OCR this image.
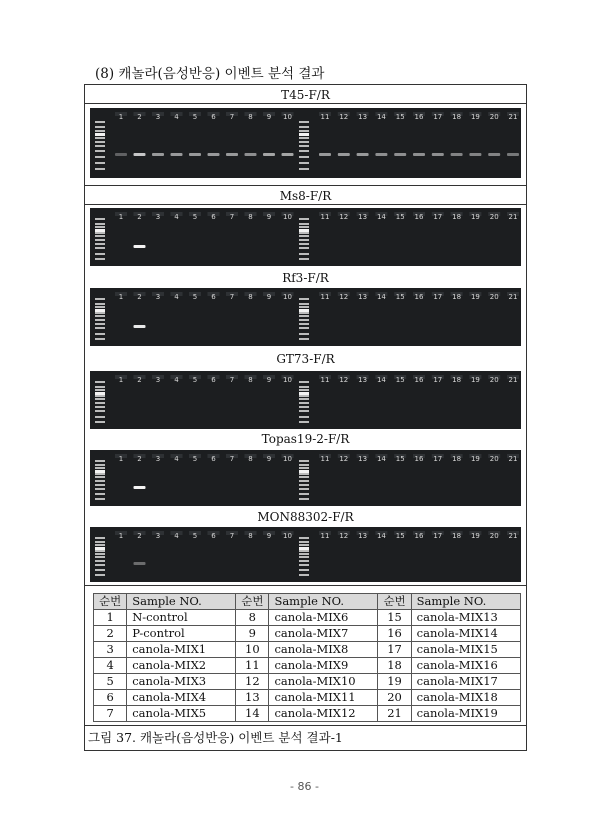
(8) 캐놀라(음성반응) 이벤트 분석 결과
T45-F/R
1 2 3 4 5 6 7 8 9 10	11 12 13 14 15 16 17 18 19 20 21
Ms8-F/R
1 2 3 4 5 6 7 8 9 10	11 12 13 14 15 16 17 18 19 20 21
Rf3-F/R
1 2 3 4 5 6 7 8 9 10	11 12 13 14 15 16 17 18 19 20 21
GT73-F/R
1 2 3 4 5 6 7 8 9 10	11 12 13 14 15 16 17 18 19 20 21
Topas19-2-F/R
1 2 3 4 5 6 7 8 9 10	11 12 13 14 15 16 17 18 19 20 21
MON88302-F/R
1 2 3 4 5 6 7 8 9 10	11 12 13 14 15 16 17 18 19 20 21
순번	Sample NO.	순번	Sample NO.	순번	Sample NO.
1	N-control	8	canola-MIX6	15	canola-MIX13
2	P-control	9	canola-MIX7	16	canola-MIX14
3	canola-MIX1	10	canola-MIX8	17	canola-MIX15
4	canola-MIX2	11	canola-MIX9	18	canola-MIX16
5	canola-MIX3	12	canola-MIX10	19	canola-MIX17
6	canola-MIX4	13	canola-MIX11	20	canola-MIX18
7	canola-MIX5	14	canola-MIX12	21	canola-MIX19
그림 37. 캐놀라(음성반응) 이벤트 분석 결과-1
- 86 -
